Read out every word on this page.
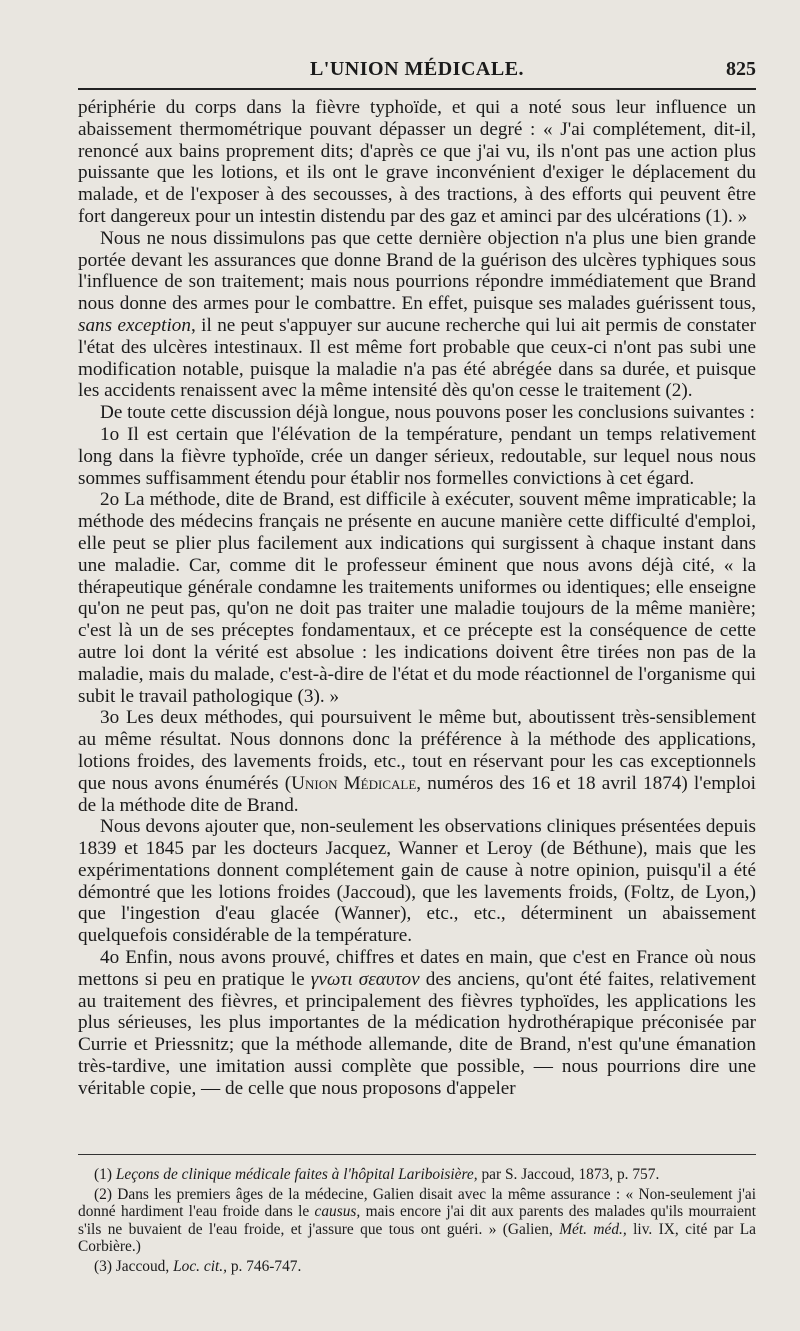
L'UNION MÉDICALE.	825

périphérie du corps dans la fièvre typhoïde, et qui a noté sous leur influence un abaissement thermométrique pouvant dépasser un degré : « J'ai complétement, dit-il, renoncé aux bains proprement dits; d'après ce que j'ai vu, ils n'ont pas une action plus puissante que les lotions, et ils ont le grave inconvénient d'exiger le déplacement du malade, et de l'exposer à des secousses, à des tractions, à des efforts qui peuvent être fort dangereux pour un intestin distendu par des gaz et aminci par des ulcérations (1). »

Nous ne nous dissimulons pas que cette dernière objection n'a plus une bien grande portée devant les assurances que donne Brand de la guérison des ulcères typhiques sous l'influence de son traitement; mais nous pourrions répondre immédiatement que Brand nous donne des armes pour le combattre. En effet, puisque ses malades guérissent tous, sans exception, il ne peut s'appuyer sur aucune recherche qui lui ait permis de constater l'état des ulcères intestinaux. Il est même fort probable que ceux-ci n'ont pas subi une modification notable, puisque la maladie n'a pas été abrégée dans sa durée, et puisque les accidents renaissent avec la même intensité dès qu'on cesse le traitement (2).

De toute cette discussion déjà longue, nous pouvons poser les conclusions suivantes :

1o Il est certain que l'élévation de la température, pendant un temps relativement long dans la fièvre typhoïde, crée un danger sérieux, redoutable, sur lequel nous nous sommes suffisamment étendu pour établir nos formelles convictions à cet égard.

2o La méthode, dite de Brand, est difficile à exécuter, souvent même impraticable; la méthode des médecins français ne présente en aucune manière cette difficulté d'emploi, elle peut se plier plus facilement aux indications qui surgissent à chaque instant dans une maladie. Car, comme dit le professeur éminent que nous avons déjà cité, « la thérapeutique générale condamne les traitements uniformes ou identiques; elle enseigne qu'on ne peut pas, qu'on ne doit pas traiter une maladie toujours de la même manière; c'est là un de ses préceptes fondamentaux, et ce précepte est la conséquence de cette autre loi dont la vérité est absolue : les indications doivent être tirées non pas de la maladie, mais du malade, c'est-à-dire de l'état et du mode réactionnel de l'organisme qui subit le travail pathologique (3). »

3o Les deux méthodes, qui poursuivent le même but, aboutissent très-sensiblement au même résultat. Nous donnons donc la préférence à la méthode des applications, lotions froides, des lavements froids, etc., tout en réservant pour les cas exceptionnels que nous avons énumérés (Union Médicale, numéros des 16 et 18 avril 1874) l'emploi de la méthode dite de Brand.

Nous devons ajouter que, non-seulement les observations cliniques présentées depuis 1839 et 1845 par les docteurs Jacquez, Wanner et Leroy (de Béthune), mais que les expérimentations donnent complétement gain de cause à notre opinion, puisqu'il a été démontré que les lotions froides (Jaccoud), que les lavements froids, (Foltz, de Lyon,) que l'ingestion d'eau glacée (Wanner), etc., etc., déterminent un abaissement quelquefois considérable de la température.

4o Enfin, nous avons prouvé, chiffres et dates en main, que c'est en France où nous mettons si peu en pratique le γνωτι σεαυτον des anciens, qu'ont été faites, relativement au traitement des fièvres, et principalement des fièvres typhoïdes, les applications les plus sérieuses, les plus importantes de la médication hydrothérapique préconisée par Currie et Priessnitz; que la méthode allemande, dite de Brand, n'est qu'une émanation très-tardive, une imitation aussi complète que possible, — nous pourrions dire une véritable copie, — de celle que nous proposons d'appeler

(1) Leçons de clinique médicale faites à l'hôpital Lariboisière, par S. Jaccoud, 1873, p. 757.

(2) Dans les premiers âges de la médecine, Galien disait avec la même assurance : « Non-seulement j'ai donné hardiment l'eau froide dans le causus, mais encore j'ai dit aux parents des malades qu'ils mourraient s'ils ne buvaient de l'eau froide, et j'assure que tous ont guéri. » (Galien, Mét. méd., liv. IX, cité par La Corbière.)

(3) Jaccoud, Loc. cit., p. 746-747.
